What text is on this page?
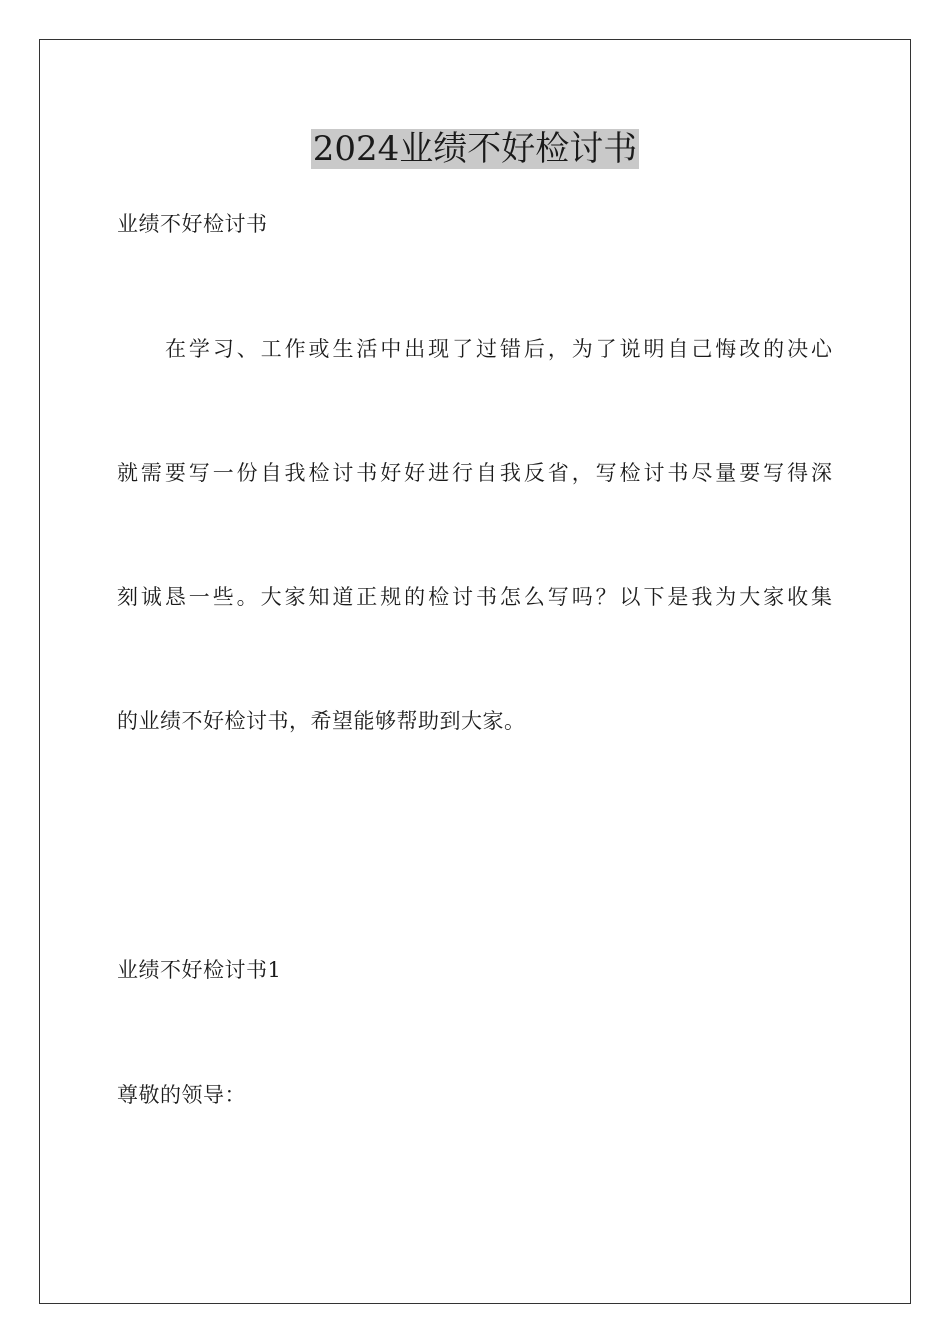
2024业绩不好检讨书

业绩不好检讨书

在学习、工作或生活中出现了过错后，为了说明自己悔改的决心

就需要写一份自我检讨书好好进行自我反省，写检讨书尽量要写得深

刻诚恳一些。大家知道正规的检讨书怎么写吗？以下是我为大家收集

的业绩不好检讨书，希望能够帮助到大家。

业绩不好检讨书1

尊敬的领导：
